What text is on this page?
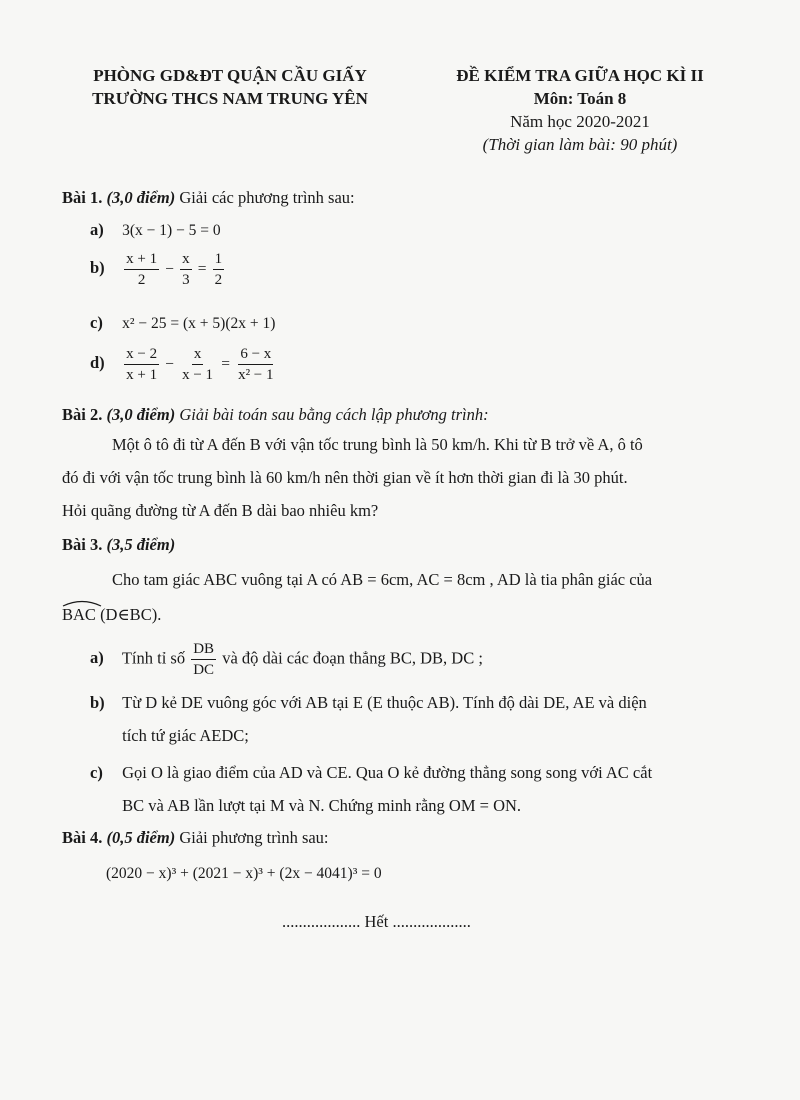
PHÒNG GD&ĐT QUẬN CẦU GIẤY
TRƯỜNG THCS NAM TRUNG YÊN
ĐỀ KIỂM TRA GIỮA HỌC KÌ II
Môn: Toán 8
Năm học 2020-2021
(Thời gian làm bài: 90 phút)
Bài 1. (3,0 điểm) Giải các phương trình sau:
a) 3(x − 1) − 5 = 0
$b) \frac{x + 1}{2} - \frac{x}{3} = \frac{1}{2}$
c) x² − 25 = (x + 5)(2x + 1)
$d) \frac{x - 2}{x + 1} - \frac{x}{x - 1} = \frac{6 - x}{\text{x² − 1}}$
Bài 2. (3,0 điểm) Giải bài toán sau bằng cách lập phương trình:
Một ô tô đi từ A đến B với vận tốc trung bình là 50 km/h. Khi từ B trở về A, ô tô
đó đi với vận tốc trung bình là 60 km/h nên thời gian về ít hơn thời gian đi là 30 phút.
Hỏi quãng đường từ A đến B dài bao nhiêu km?
Bài 3. (3,5 điểm)
Cho tam giác ABC vuông tại A có AB = 6cm, AC = 8cm , AD là tia phân giác của
BAC (D∈BC).
a) Tính tỉ số $\frac{DB}{DC}$ và độ dài các đoạn thẳng BC, DB, DC ;
b) Từ D kẻ DE vuông góc với AB tại E (E thuộc AB). Tính độ dài DE, AE và diện
tích tứ giác AEDC;
c) Gọi O là giao điểm của AD và CE. Qua O kẻ đường thẳng song song với AC cắt
BC và AB lần lượt tại M và N. Chứng minh rằng OM = ON.
Bài 4. (0,5 điểm) Giải phương trình sau:
(2020 − x)³ + (2021 − x)³ + (2x − 4041)³ = 0
................... Hết ...................
